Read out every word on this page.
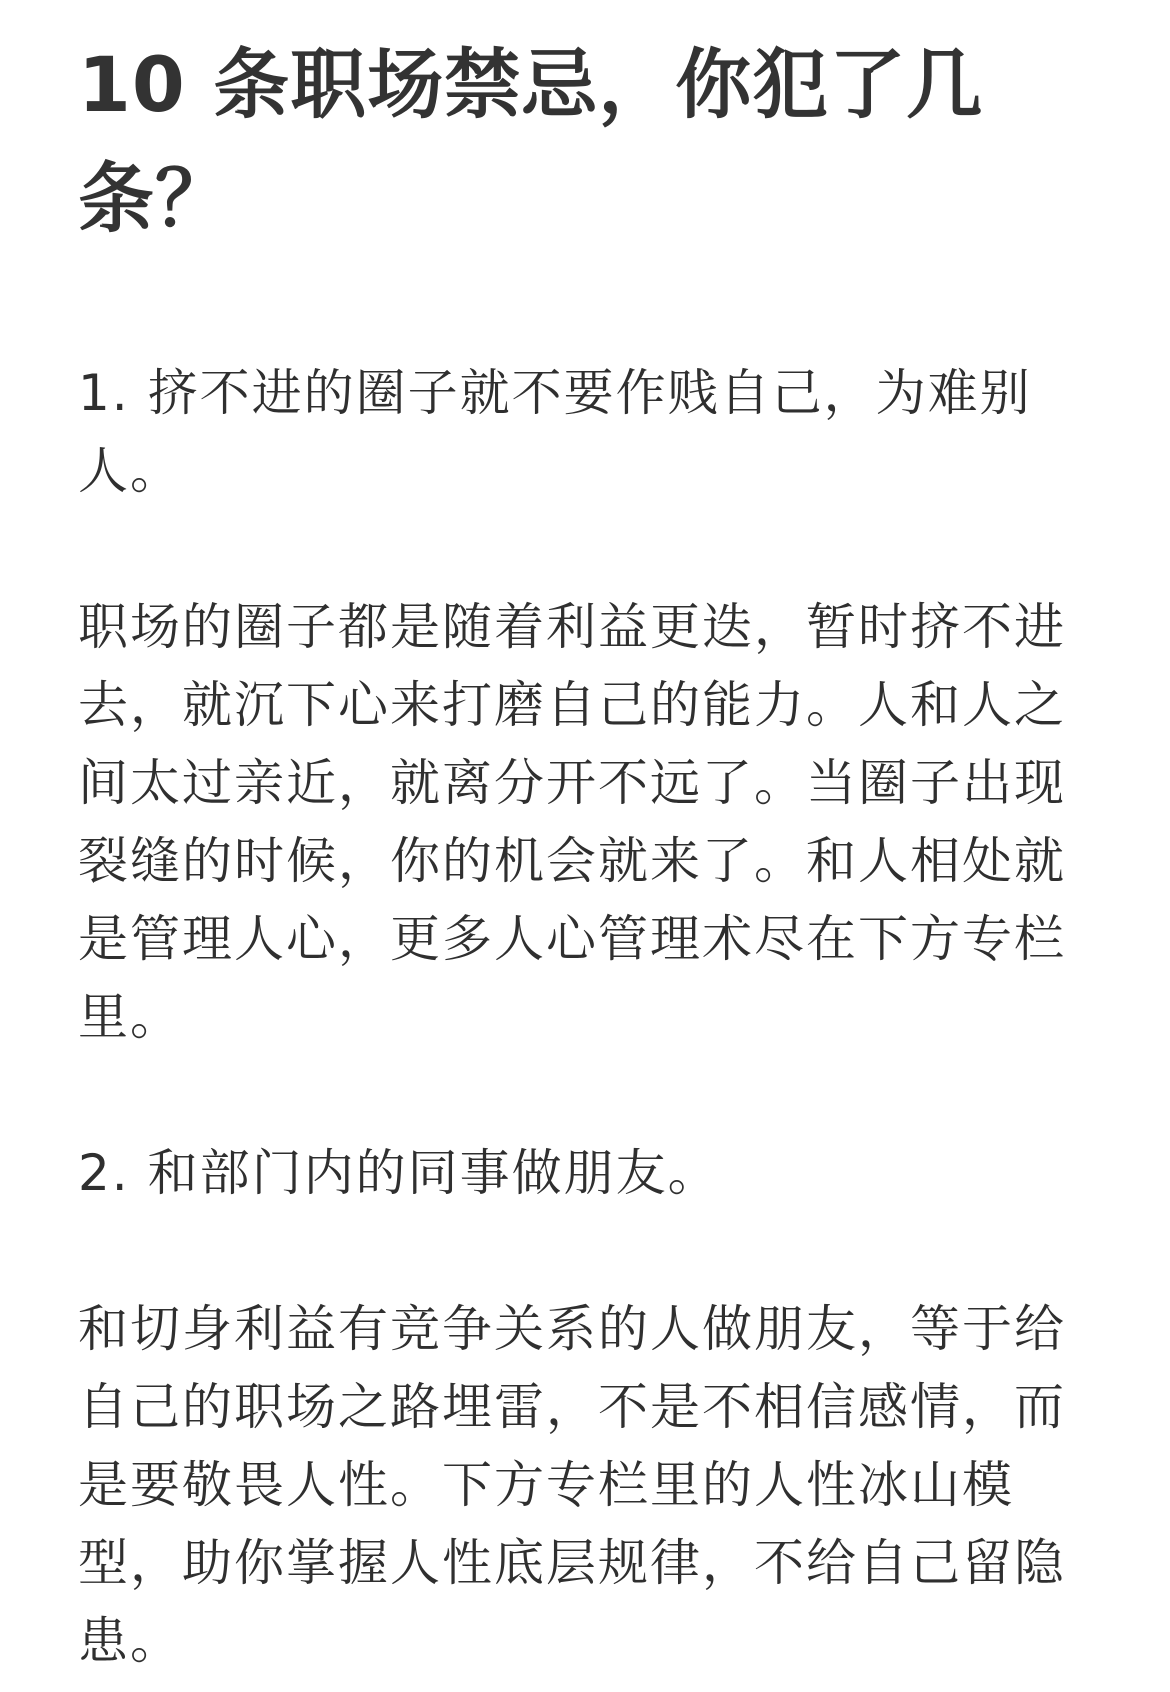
10 条职场禁忌，你犯了几条？

1. 挤不进的圈子就不要作贱自己，为难别人。

职场的圈子都是随着利益更迭，暂时挤不进去，就沉下心来打磨自己的能力。人和人之间太过亲近，就离分开不远了。当圈子出现裂缝的时候，你的机会就来了。和人相处就是管理人心，更多人心管理术尽在下方专栏里。

2. 和部门内的同事做朋友。

和切身利益有竞争关系的人做朋友，等于给自己的职场之路埋雷，不是不相信感情，而是要敬畏人性。下方专栏里的人性冰山模型，助你掌握人性底层规律，不给自己留隐患。
